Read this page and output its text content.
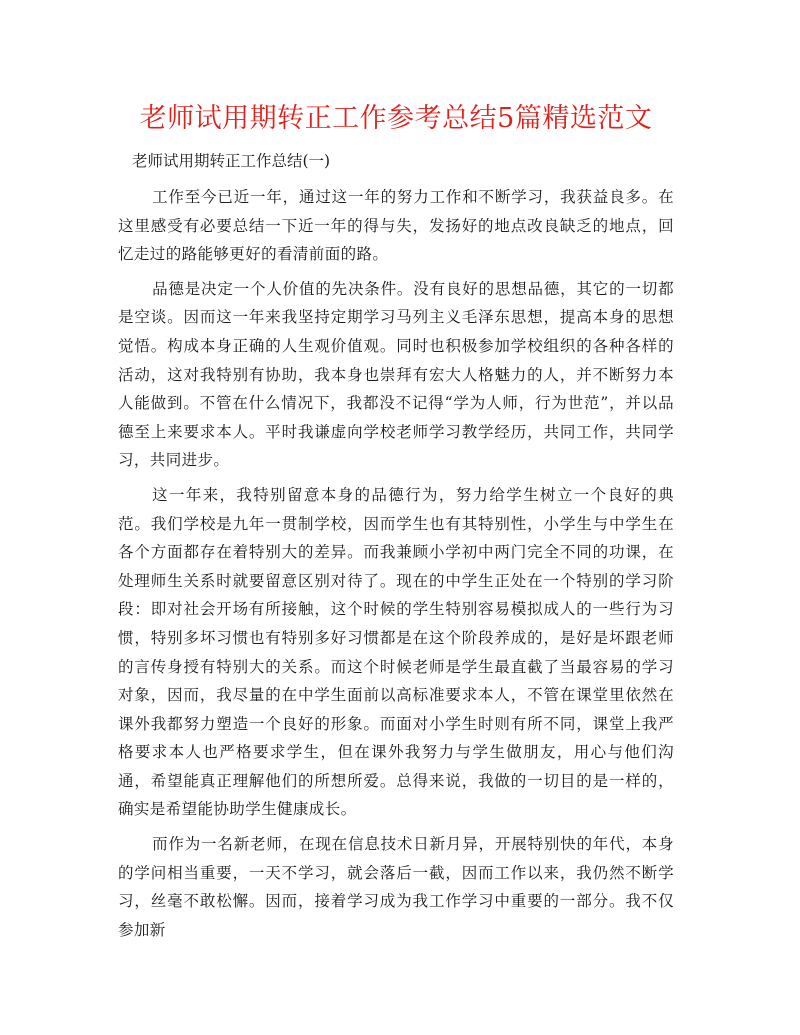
老师试用期转正工作参考总结5篇精选范文
老师试用期转正工作总结(一)

工作至今已近一年，通过这一年的努力工作和不断学习，我获益良多。在这里感受有必要总结一下近一年的得与失，发扬好的地点改良缺乏的地点，回忆走过的路能够更好的看清前面的路。

品德是决定一个人价值的先决条件。没有良好的思想品德，其它的一切都是空谈。因而这一年来我坚持定期学习马列主义毛泽东思想，提高本身的思想觉悟。构成本身正确的人生观价值观。同时也积极参加学校组织的各种各样的活动，这对我特别有协助，我本身也崇拜有宏大人格魅力的人，并不断努力本人能做到。不管在什么情况下，我都没不记得“学为人师，行为世范”，并以品德至上来要求本人。平时我谦虚向学校老师学习教学经历，共同工作，共同学习，共同进步。

这一年来，我特别留意本身的品德行为，努力给学生树立一个良好的典范。我们学校是九年一贯制学校，因而学生也有其特别性，小学生与中学生在各个方面都存在着特别大的差异。而我兼顾小学初中两门完全不同的功课，在处理师生关系时就要留意区别对待了。现在的中学生正处在一个特别的学习阶段：即对社会开场有所接触，这个时候的学生特别容易模拟成人的一些行为习惯，特别多坏习惯也有特别多好习惯都是在这个阶段养成的，是好是坏跟老师的言传身授有特别大的关系。而这个时候老师是学生最直截了当最容易的学习对象，因而，我尽量的在中学生面前以高标准要求本人，不管在课堂里依然在课外我都努力塑造一个良好的形象。而面对小学生时则有所不同，课堂上我严格要求本人也严格要求学生，但在课外我努力与学生做朋友，用心与他们沟通，希望能真正理解他们的所想所爱。总得来说，我做的一切目的是一样的，确实是希望能协助学生健康成长。

而作为一名新老师，在现在信息技术日新月异，开展特别快的年代，本身的学问相当重要，一天不学习，就会落后一截，因而工作以来，我仍然不断学习，丝毫不敢松懈。因而，接着学习成为我工作学习中重要的一部分。我不仅参加新
